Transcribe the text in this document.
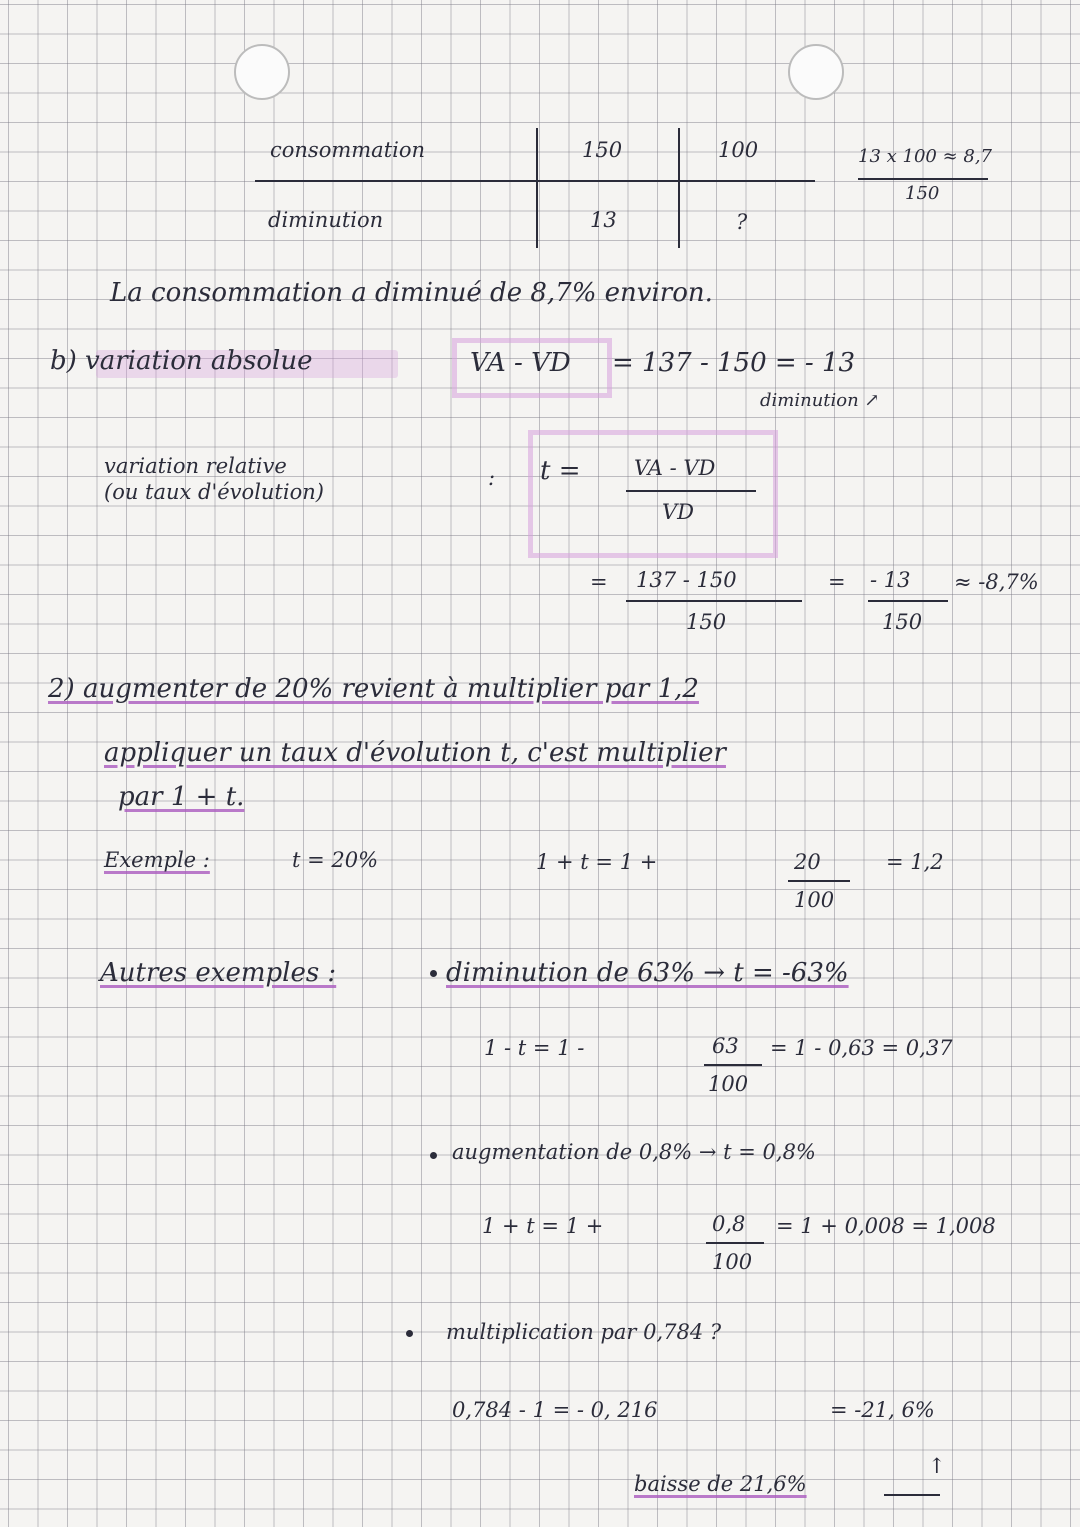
consommation	150	100
diminution	13	?
13 x 100 ≈ 8,7
150
La consommation a diminué de 8,7% environ.
b) variation absolue	VA - VD = 137 - 150 = - 13
diminution ↗
variation relative
(ou taux d'évolution)
: t =	VA - VD
VD
= 137 - 150
150
= - 13
150
≈ -8,7%
2) augmenter de 20% revient à multiplier par 1,2
appliquer un taux d'évolution t, c'est multiplier
par 1 + t.
Exemple :	t = 20%	1 + t = 1 +	20
100
= 1,2
Autres exemples :	diminution de 63% → t = -63%
1 - t = 1 -	63
100
= 1 - 0,63 = 0,37
augmentation de 0,8% → t = 0,8%
1 + t = 1 +	0,8
100
= 1 + 0,008 = 1,008
multiplication par 0,784 ?
0,784 - 1 = - 0, 216	= -21, 6%
baisse de 21,6%
↑
